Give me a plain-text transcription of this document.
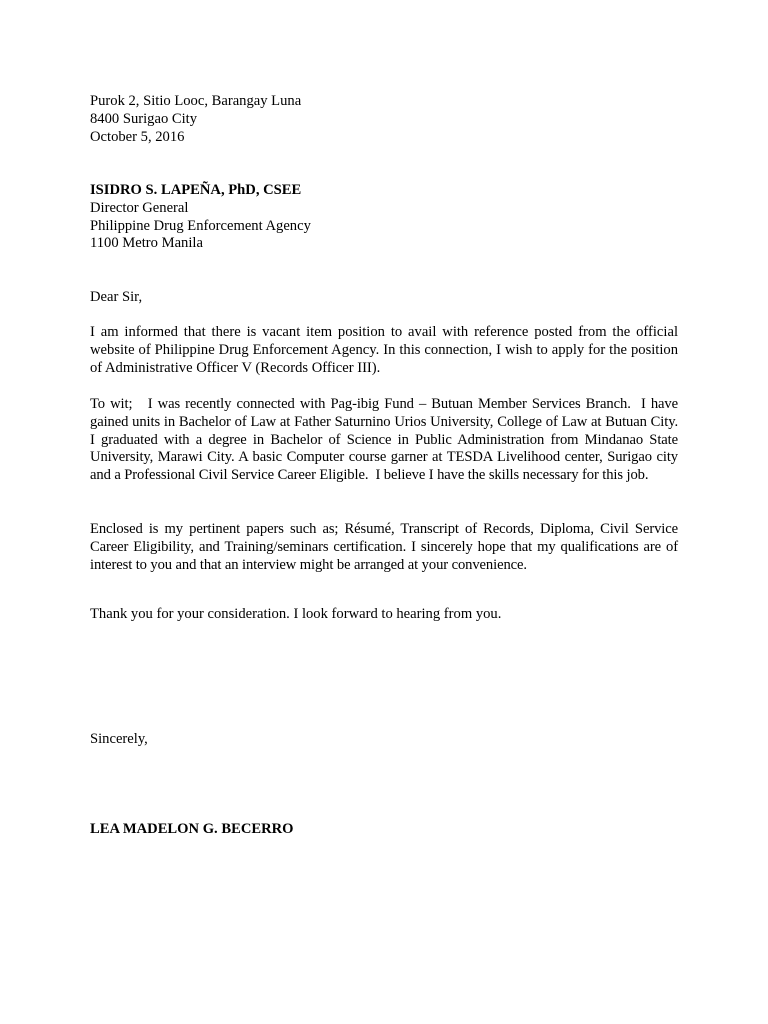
Purok 2, Sitio Looc, Barangay Luna
8400 Surigao City
October 5, 2016
ISIDRO S. LAPEÑA, PhD, CSEE
Director General
Philippine Drug Enforcement Agency
1100 Metro Manila
Dear Sir,

I am informed that there is vacant item position to avail with reference posted from the official website of Philippine Drug Enforcement Agency. In this connection, I wish to apply for the position of Administrative Officer V (Records Officer III).

To wit;   I was recently connected with Pag-ibig Fund – Butuan Member Services Branch.  I have gained units in Bachelor of Law at Father Saturnino Urios University, College of Law at Butuan City.  I graduated with a degree in Bachelor of Science in Public Administration from Mindanao State University, Marawi City. A basic Computer course garner at TESDA Livelihood center, Surigao city and a Professional Civil Service Career Eligible.  I believe I have the skills necessary for this job.

Enclosed is my pertinent papers such as; Résumé, Transcript of Records, Diploma, Civil Service Career Eligibility, and Training/seminars certification. I sincerely hope that my qualifications are of interest to you and that an interview might be arranged at your convenience.

Thank you for your consideration. I look forward to hearing from you.

Sincerely,
LEA MADELON G. BECERRO
